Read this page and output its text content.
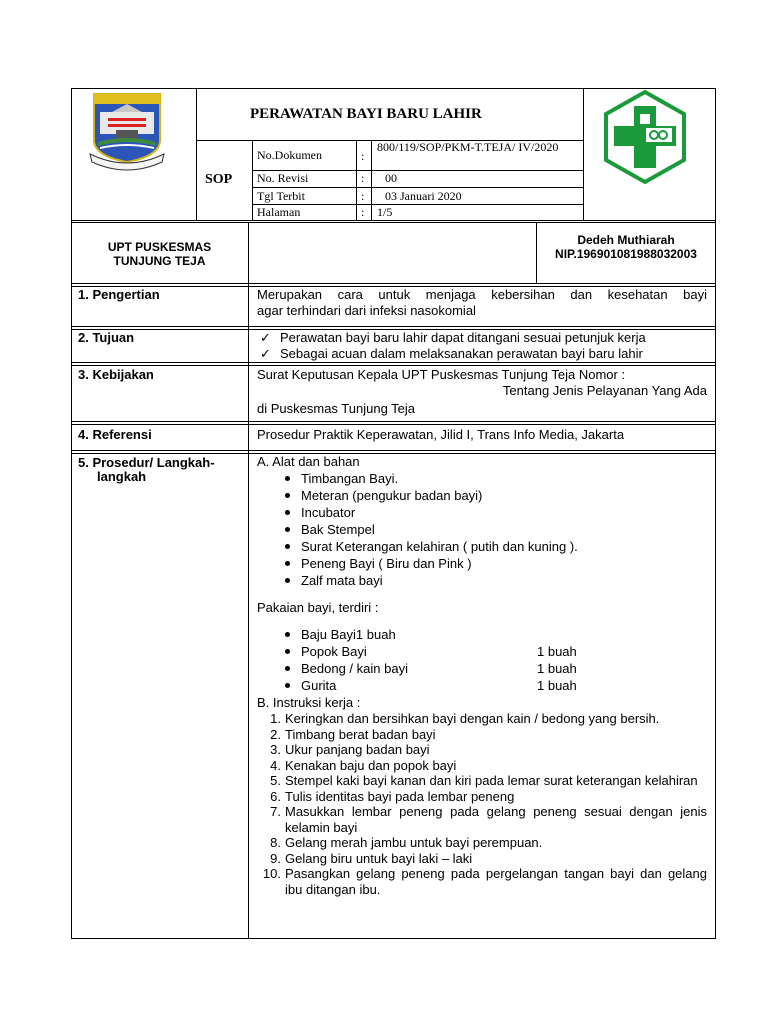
PERAWATAN BAYI BARU LAHIR
SOP
No.Dokumen	:
800/119/SOP/PKM-T.TEJA/ IV/2020
No. Revisi	: 00
Tgl Terbit	: 03 Januari 2020
Halaman	: 1/5
UPT PUSKESMAS
TUNJUNG TEJA
Dedeh Muthiarah
NIP.196901081988032003
1. Pengertian	Merupakan cara untuk menjaga kebersihan dan kesehatan bayi
agar terhindari dari infeksi nasokomial
2. Tujuan
✓	Perawatan bayi baru lahir dapat ditangani sesuai petunjuk kerja
✓ Sebagai acuan dalam melaksanakan perawatan bayi baru lahir
3. Kebijakan	Surat Keputusan Kepala UPT Puskesmas Tunjung Teja Nomor :
Tentang Jenis Pelayanan Yang Ada
di Puskesmas Tunjung Teja
4. Referensi	Prosedur Praktik Keperawatan, Jilid I, Trans Info Media, Jakarta
5. Prosedur/ Langkah-
langkah
A. Alat dan bahan
Timbangan Bayi.
Meteran (pengukur badan bayi)
Incubator
Bak Stempel
Surat Keterangan kelahiran ( putih dan kuning ).
Peneng Bayi ( Biru dan Pink )
Zalf mata bayi
Pakaian bayi, terdiri :
Baju Bayi1 buah
Popok Bayi	1 buah
Bedong / kain bayi	1 buah
Gurita	1 buah
B. Instruksi kerja :
1. Keringkan dan bersihkan bayi dengan kain / bedong yang bersih.
2. Timbang berat badan bayi
3. Ukur panjang badan bayi
4. Kenakan baju dan popok bayi
5. Stempel kaki bayi kanan dan kiri pada lemar surat keterangan kelahiran
6. Tulis identitas bayi pada lembar peneng
7. Masukkan lembar peneng pada gelang peneng sesuai dengan jenis kelamin bayi
8. Gelang merah jambu untuk bayi perempuan.
9. Gelang biru untuk bayi laki – laki
10. Pasangkan gelang peneng pada pergelangan tangan bayi dan gelang ibu ditangan ibu.
